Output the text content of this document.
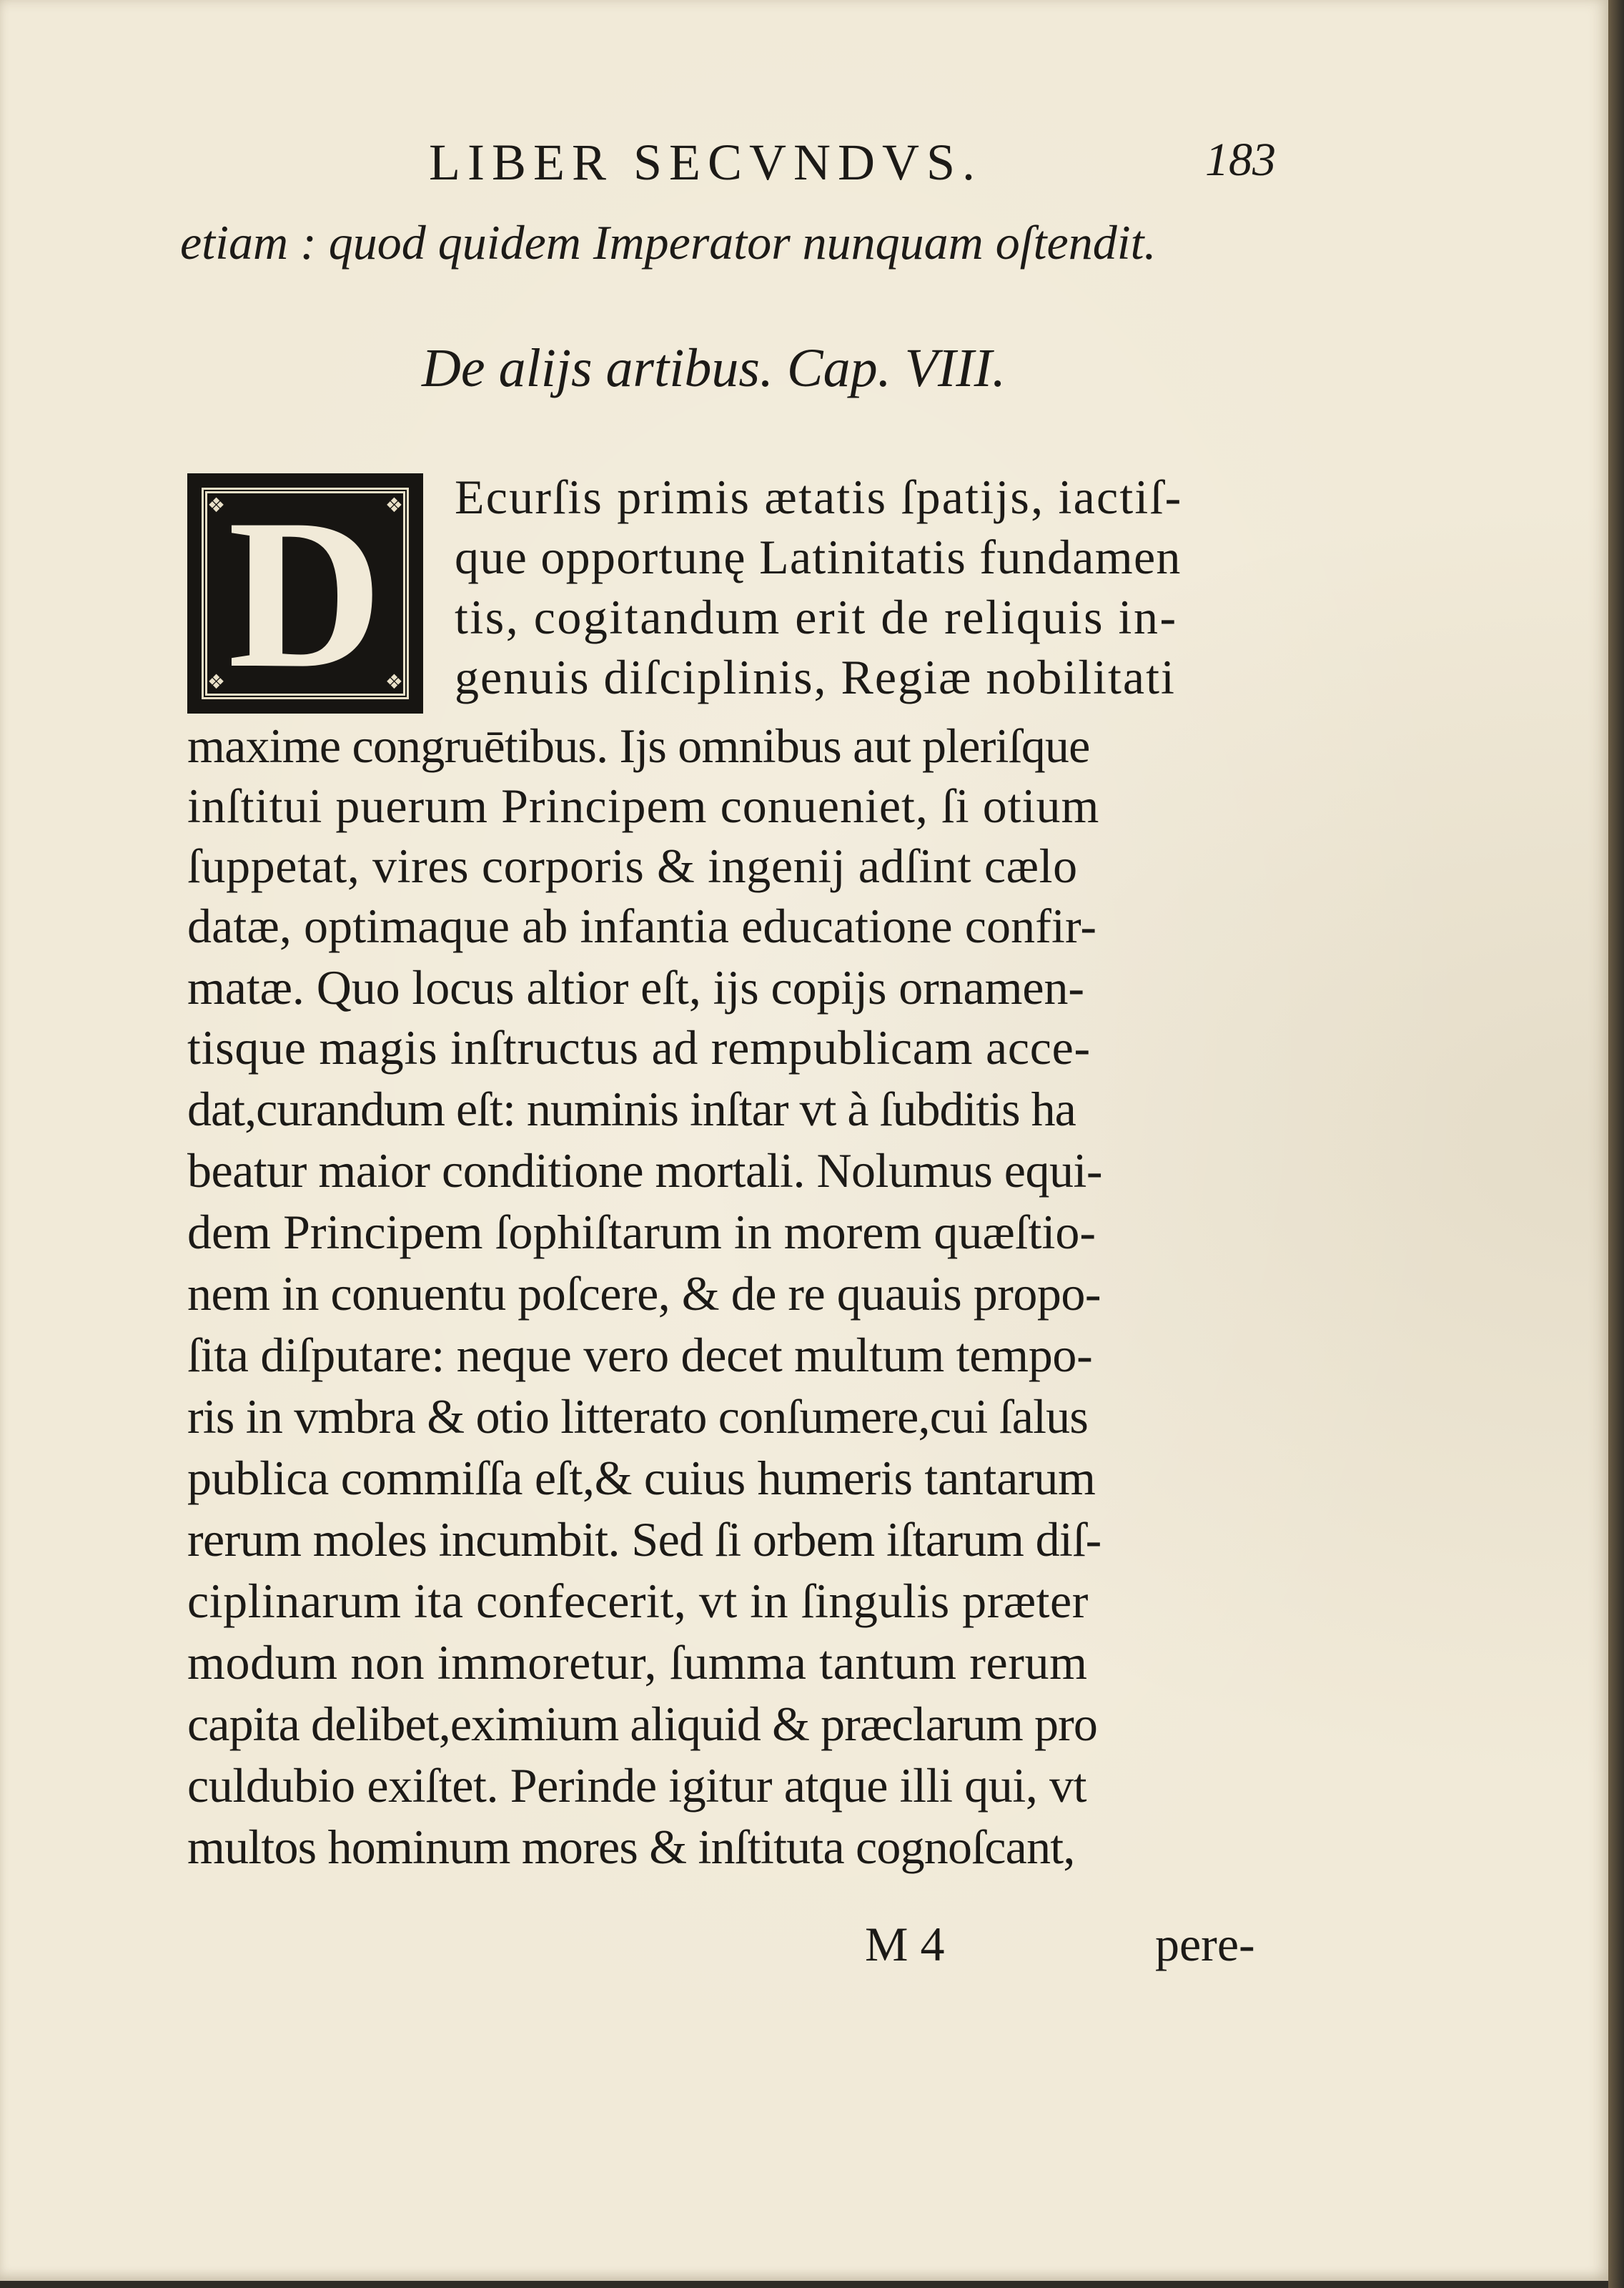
LIBER SECVNDVS.	183
etiam : quod quidem Imperator nunquam oſtendit.
De alijs artibus. Cap. VIII.
❖	❖
❖	❖
D	Ecurſis primis ætatis ſpatijs, iactiſ-
que opportunę Latinitatis fundamen
tis, cogitandum erit de reliquis in-
genuis diſciplinis, Regiæ nobilitati
maxime congruētibus. Ijs omnibus aut pleriſque
inſtitui puerum Principem conueniet, ſi otium
ſuppetat, vires corporis & ingenij adſint cælo
datæ, optimaque ab infantia educatione confir-
matæ. Quo locus altior eſt, ijs copijs ornamen-
tisque magis inſtructus ad rempublicam acce-
dat,curandum eſt: numinis inſtar vt à ſubditis ha
beatur maior conditione mortali. Nolumus equi-
dem Principem ſophiſtarum in morem quæſtio-
nem in conuentu poſcere, & de re quauis propo-
ſita diſputare: neque vero decet multum tempo-
ris in vmbra & otio litterato conſumere,cui ſalus
publica commiſſa eſt,& cuius humeris tantarum
rerum moles incumbit. Sed ſi orbem iſtarum diſ-
ciplinarum ita confecerit, vt in ſingulis præter
modum non immoretur, ſumma tantum rerum
capita delibet,eximium aliquid & præclarum pro
culdubio exiſtet. Perinde igitur atque illi qui, vt
multos hominum mores & inſtituta cognoſcant,
M 4	pere-
